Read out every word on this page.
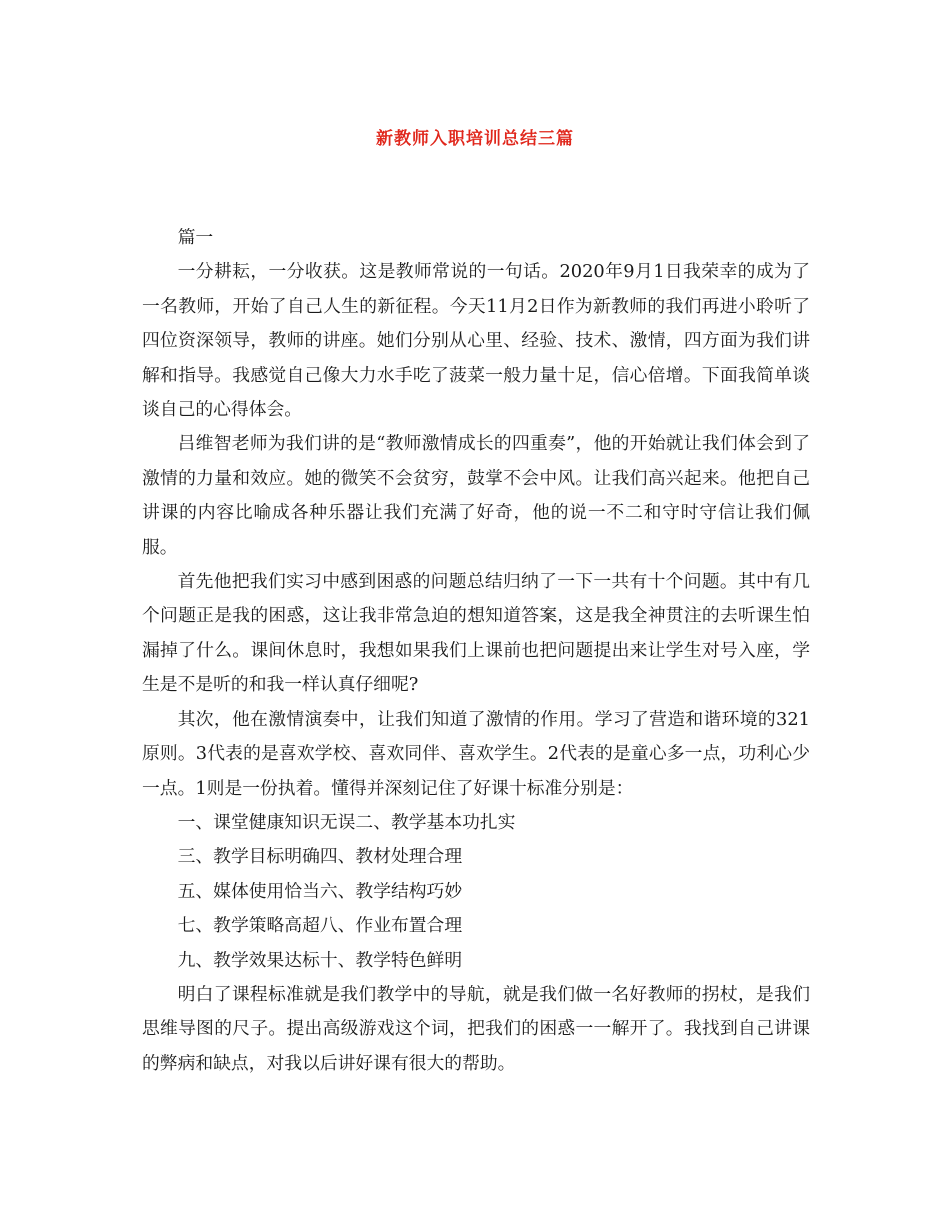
新教师入职培训总结三篇

篇一

一分耕耘，一分收获。这是教师常说的一句话。2020年9月1日我荣幸的成为了一名教师，开始了自己人生的新征程。今天11月2日作为新教师的我们再进小聆听了四位资深领导，教师的讲座。她们分别从心里、经验、技术、激情，四方面为我们讲解和指导。我感觉自己像大力水手吃了菠菜一般力量十足，信心倍增。下面我简单谈谈自己的心得体会。

吕维智老师为我们讲的是“教师激情成长的四重奏”，他的开始就让我们体会到了激情的力量和效应。她的微笑不会贫穷，鼓掌不会中风。让我们高兴起来。他把自己讲课的内容比喻成各种乐器让我们充满了好奇，他的说一不二和守时守信让我们佩服。

首先他把我们实习中感到困惑的问题总结归纳了一下一共有十个问题。其中有几个问题正是我的困惑，这让我非常急迫的想知道答案，这是我全神贯注的去听课生怕漏掉了什么。课间休息时，我想如果我们上课前也把问题提出来让学生对号入座，学生是不是听的和我一样认真仔细呢?

其次，他在激情演奏中，让我们知道了激情的作用。学习了营造和谐环境的321原则。3代表的是喜欢学校、喜欢同伴、喜欢学生。2代表的是童心多一点，功利心少一点。1则是一份执着。懂得并深刻记住了好课十标准分别是：

一、课堂健康知识无误二、教学基本功扎实

三、教学目标明确四、教材处理合理

五、媒体使用恰当六、教学结构巧妙

七、教学策略高超八、作业布置合理

九、教学效果达标十、教学特色鲜明

明白了课程标准就是我们教学中的导航，就是我们做一名好教师的拐杖，是我们思维导图的尺子。提出高级游戏这个词，把我们的困惑一一解开了。我找到自己讲课的弊病和缺点，对我以后讲好课有很大的帮助。
